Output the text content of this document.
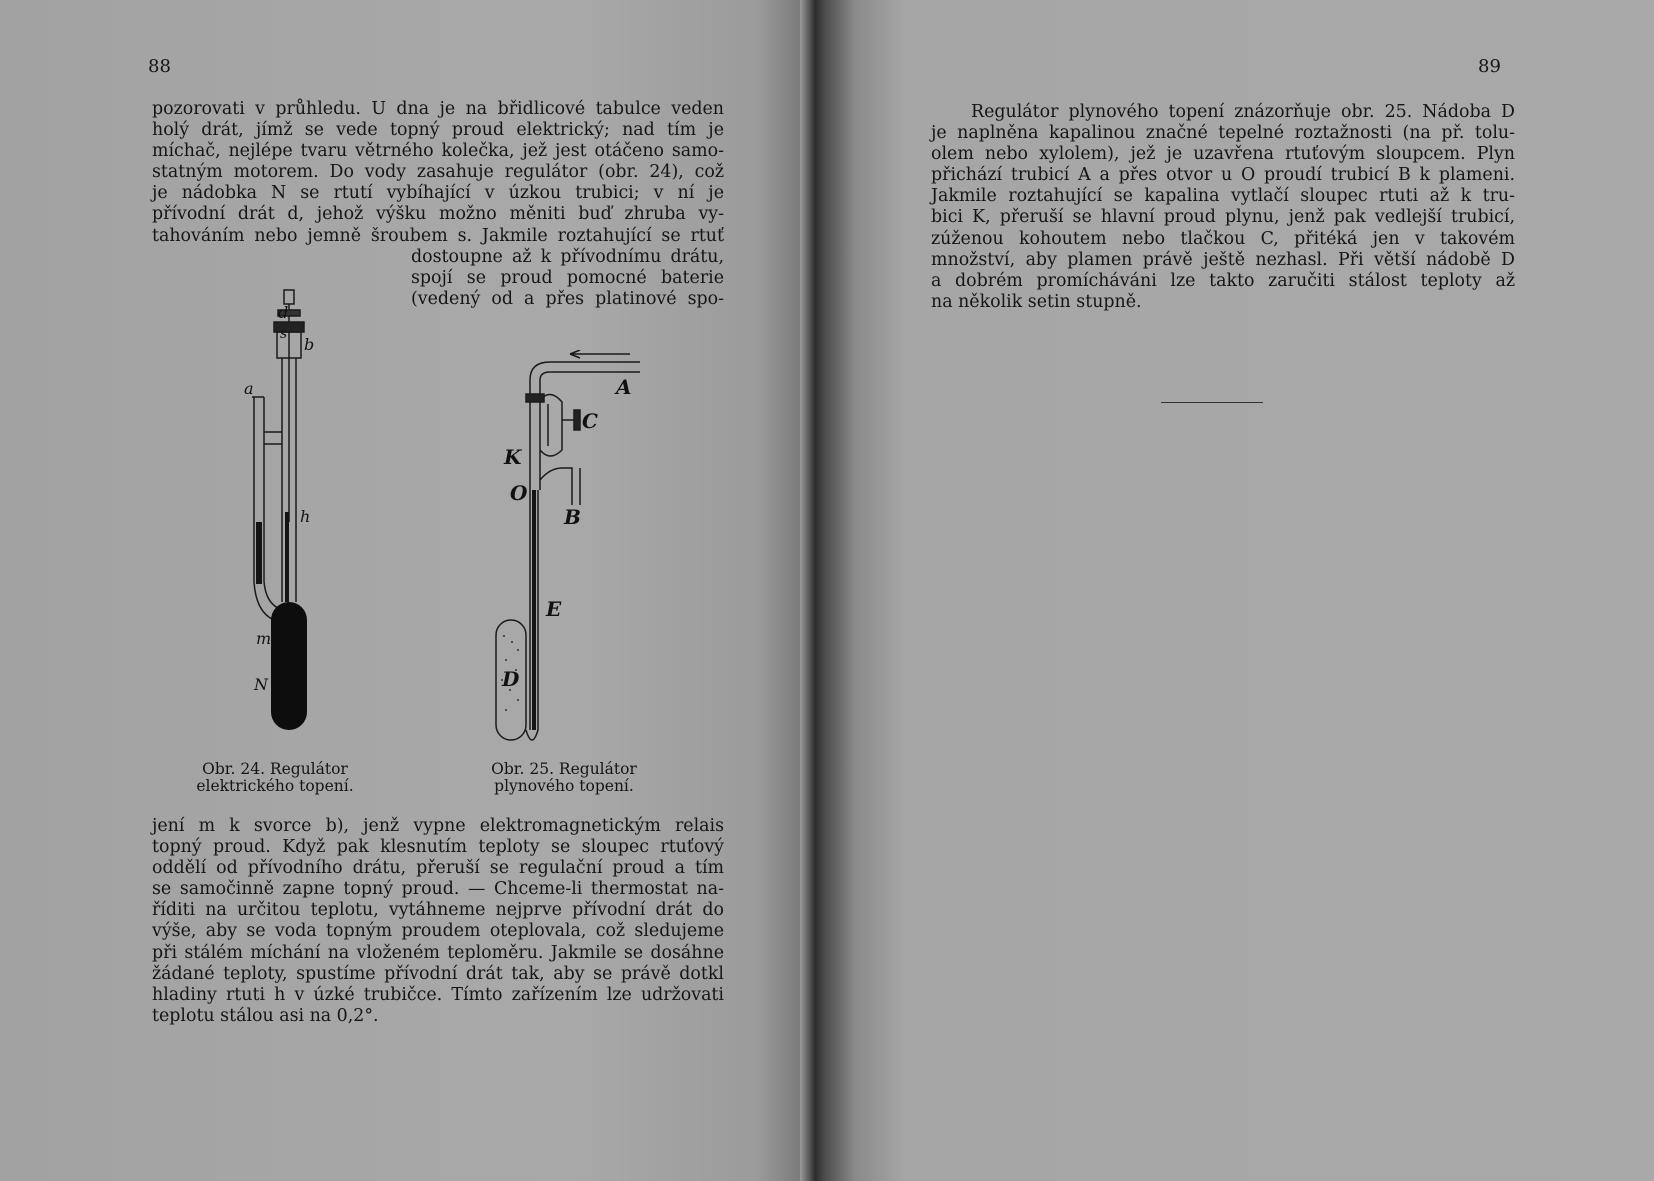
88
pozorovati v průhledu. U dna je na břidlicové tabulce veden
holý drát, jímž se vede topný proud elektrický; nad tím je
míchač, nejlépe tvaru větrného kolečka, jež jest otáčeno samo-
statným motorem. Do vody zasahuje regulátor (obr. 24), což
je nádobka N se rtutí vybíhající v úzkou trubici; v ní je
přívodní drát d, jehož výšku možno měniti buď zhruba vy-
tahováním nebo jemně šroubem s. Jakmile roztahující se rtuť
dostoupne až k přívodnímu drátu,
spojí se proud pomocné baterie
(vedený od a přes platinové spo-
d
s
b
a
h
m
N
A
C
K
O
B
E
D
Obr. 24. Regulátor
elektrického topení.
Obr. 25. Regulátor
plynového topení.
jení m k svorce b), jenž vypne elektromagnetickým relais
topný proud. Když pak klesnutím teploty se sloupec rtuťový
oddělí od přívodního drátu, přeruší se regulační proud a tím
se samočinně zapne topný proud. — Chceme-li thermostat na-
říditi na určitou teplotu, vytáhneme nejprve přívodní drát do
výše, aby se voda topným proudem oteplovala, což sledujeme
při stálém míchání na vloženém teploměru. Jakmile se dosáhne
žádané teploty, spustíme přívodní drát tak, aby se právě dotkl
hladiny rtuti h v úzké trubičce. Tímto zařízením lze udržovati
teplotu stálou asi na 0,2°.
89
Regulátor plynového topení znázorňuje obr. 25. Nádoba D
je naplněna kapalinou značné tepelné roztažnosti (na př. tolu-
olem nebo xylolem), jež je uzavřena rtuťovým sloupcem. Plyn
přichází trubicí A a přes otvor u O proudí trubicí B k plameni.
Jakmile roztahující se kapalina vytlačí sloupec rtuti až k tru-
bici K, přeruší se hlavní proud plynu, jenž pak vedlejší trubicí,
zúženou kohoutem nebo tlačkou C, přitéká jen v takovém
množství, aby plamen právě ještě nezhasl. Při větší nádobě D
a dobrém promícháváni lze takto zaručiti stálost teploty až
na několik setin stupně.
